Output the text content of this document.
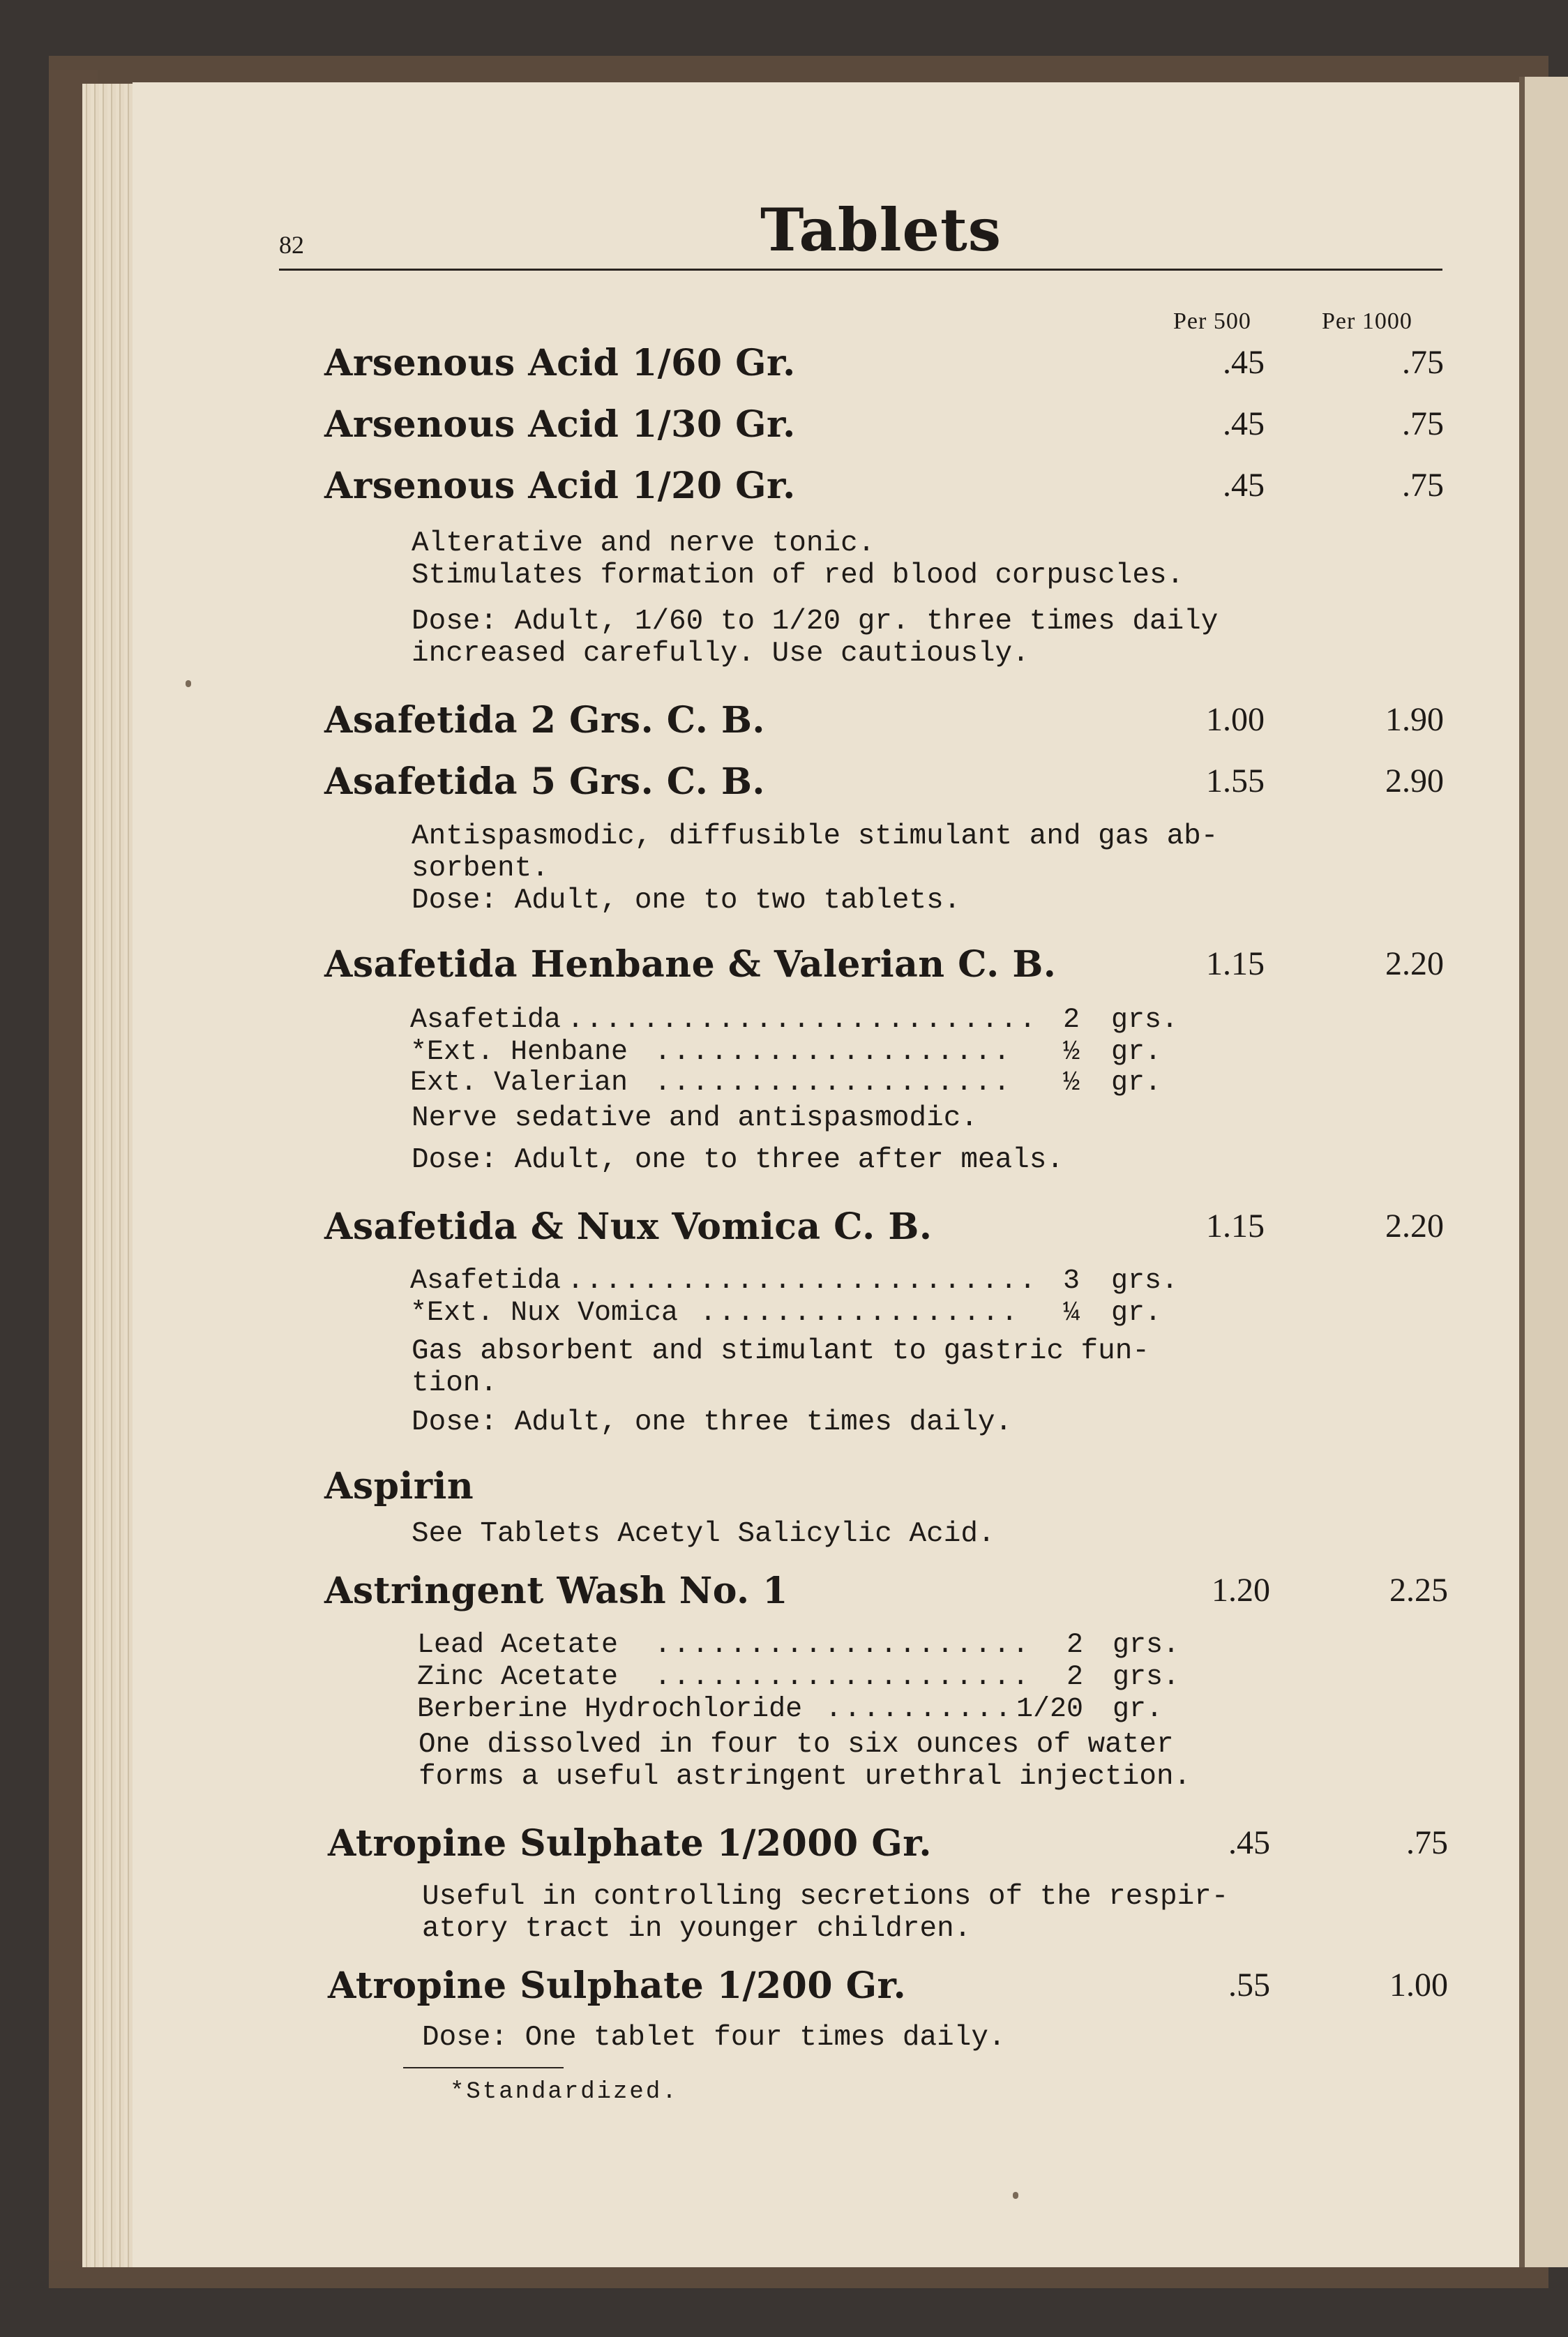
82	Tablets
Per 500	Per 1000
Arsenous Acid 1/60 Gr.	.45	.75
Arsenous Acid 1/30 Gr.	.45	.75
Arsenous Acid 1/20 Gr.	.45	.75
Alterative and nerve tonic.
Stimulates formation of red blood corpuscles.
Dose: Adult, 1/60 to 1/20 gr. three times daily
increased carefully. Use cautiously.
Asafetida 2 Grs. C. B.	1.00	1.90
Asafetida 5 Grs. C. B.	1.55	2.90
Antispasmodic, diffusible stimulant and gas ab-
sorbent.
Dose: Adult, one to two tablets.
Asafetida Henbane & Valerian C. B.	1.15	2.20
Asafetida ......................... 2 grs.
*Ext. Henbane ...................	½ gr.
Ext. Valerian ...................	½ gr.
Nerve sedative and antispasmodic.
Dose: Adult, one to three after meals.
Asafetida & Nux Vomica C. B.	1.15	2.20
Asafetida ......................... 3 grs.
*Ext. Nux Vomica .................	¼ gr.
Gas absorbent and stimulant to gastric fun-
tion.
Dose: Adult, one three times daily.
Aspirin
See Tablets Acetyl Salicylic Acid.
Astringent Wash No. 1	1.20	2.25
Lead Acetate ....................	2 grs.
Zinc Acetate ....................	2 grs.
Berberine Hydrochloride .......... 1/20 gr.
One dissolved in four to six ounces of water
forms a useful astringent urethral injection.
Atropine Sulphate 1/2000 Gr.	.45	.75
Useful in controlling secretions of the respir-
atory tract in younger children.
Atropine Sulphate 1/200 Gr.	.55	1.00
Dose: One tablet four times daily.
*Standardized.
